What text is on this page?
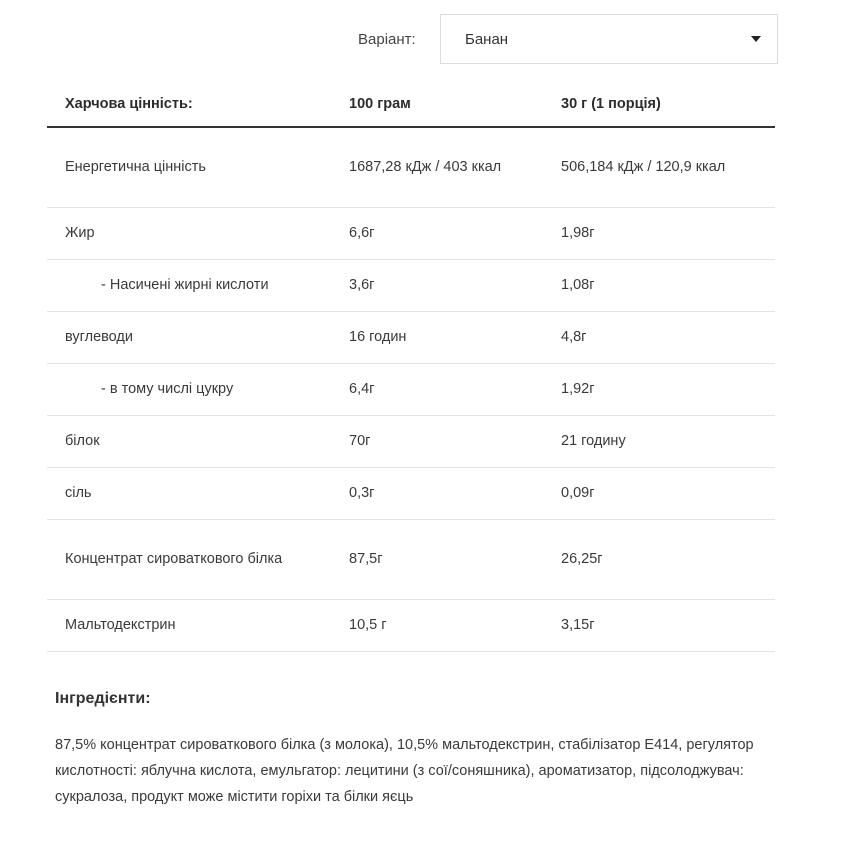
Варіант:	Банан
Харчова цінність:	100 грам	30 г (1 порція)
Енергетична цінність	1687,28 кДж / 403 ккал	506,184 кДж / 120,9 ккал
Жир	6,6г	1,98г
- Насичені жирні кислоти	3,6г	1,08г
вуглеводи	16 годин	4,8г
- в тому числі цукру	6,4г	1,92г
білок	70г	21 годину
сіль	0,3г	0,09г
Концентрат сироваткового білка	87,5г	26,25г
Мальтодекстрин	10,5 г	3,15г
Інгредієнти:

87,5% концентрат сироваткового білка (з молока), 10,5% мальтодекстрин, стабілізатор Е414, регулятор кислотності: яблучна кислота, емульгатор: лецитини (з сої/соняшника), ароматизатор, підсолоджувач: сукралоза, продукт може містити горіхи та білки яєць
